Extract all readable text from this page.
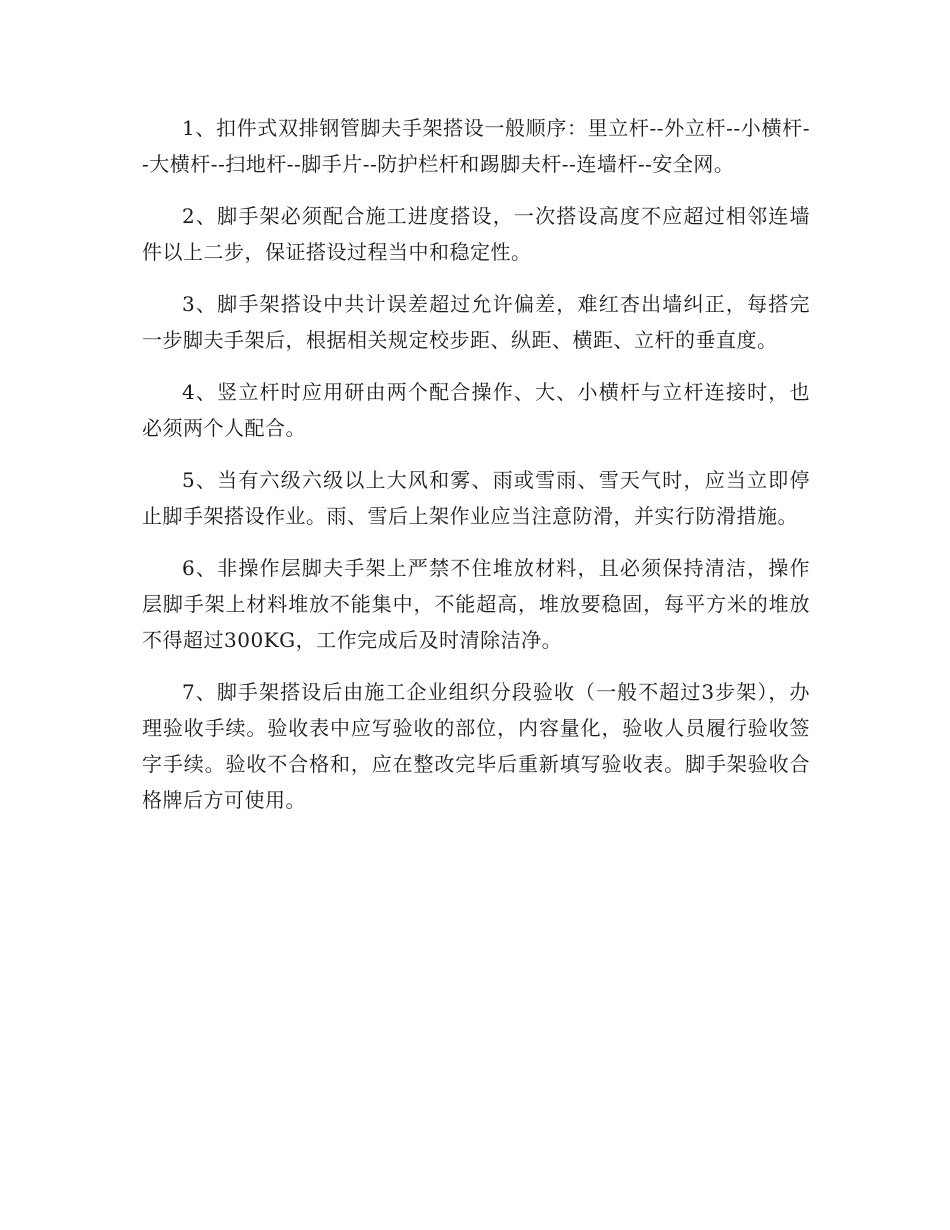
1、扣件式双排钢管脚夫手架搭设一般顺序：里立杆--外立杆--小横杆--大横杆--扫地杆--脚手片--防护栏杆和踢脚夫杆--连墙杆--安全网。

2、脚手架必须配合施工进度搭设，一次搭设高度不应超过相邻连墙件以上二步，保证搭设过程当中和稳定性。

3、脚手架搭设中共计误差超过允许偏差，难红杏出墙纠正，每搭完一步脚夫手架后，根据相关规定校步距、纵距、横距、立杆的垂直度。

4、竖立杆时应用研由两个配合操作、大、小横杆与立杆连接时，也必须两个人配合。

5、当有六级六级以上大风和雾、雨或雪雨、雪天气时，应当立即停止脚手架搭设作业。雨、雪后上架作业应当注意防滑，并实行防滑措施。

6、非操作层脚夫手架上严禁不住堆放材料，且必须保持清洁，操作层脚手架上材料堆放不能集中，不能超高，堆放要稳固，每平方米的堆放不得超过300KG，工作完成后及时清除洁净。

7、脚手架搭设后由施工企业组织分段验收（一般不超过3步架），办理验收手续。验收表中应写验收的部位，内容量化，验收人员履行验收签字手续。验收不合格和，应在整改完毕后重新填写验收表。脚手架验收合格牌后方可使用。
